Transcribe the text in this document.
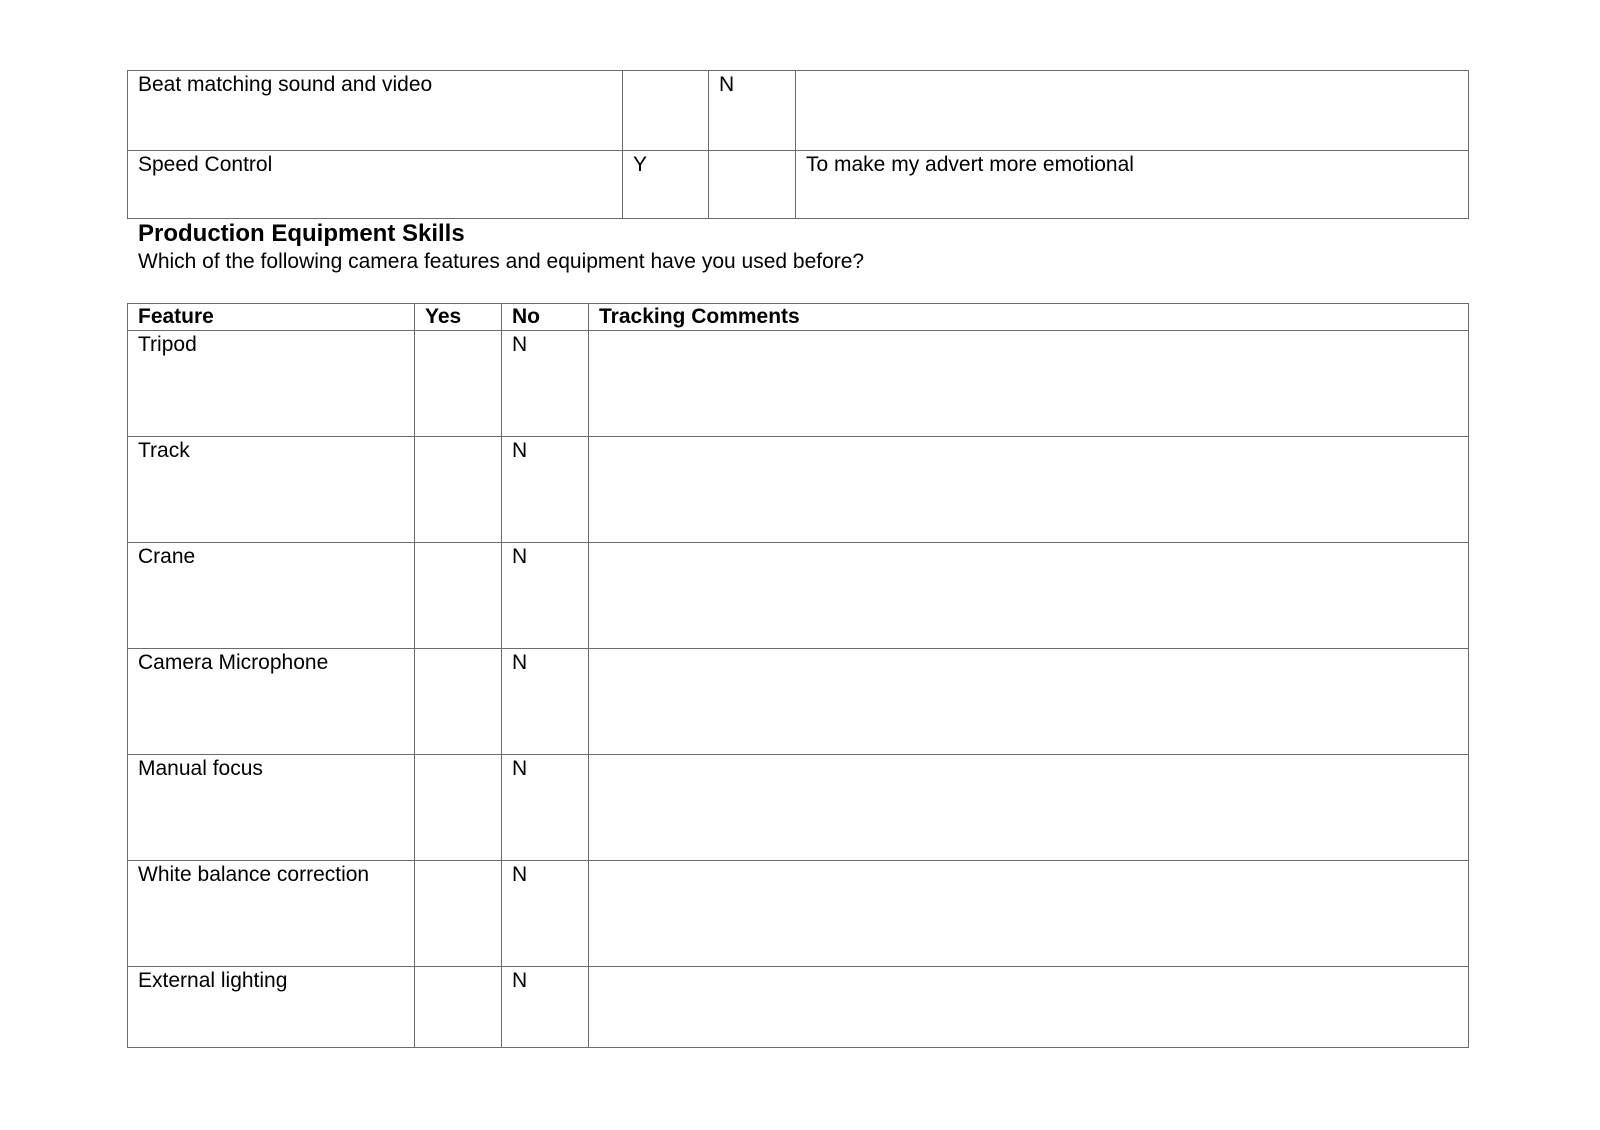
Beat matching sound and video		N	
Speed Control	Y		To make my advert more emotional
Production Equipment Skills
Which of the following camera features and equipment have you used before?
Feature	Yes	No	Tracking Comments
Tripod		N	
Track		N	
Crane		N	
Camera Microphone		N	
Manual focus		N	
White balance correction		N	
External lighting		N	
